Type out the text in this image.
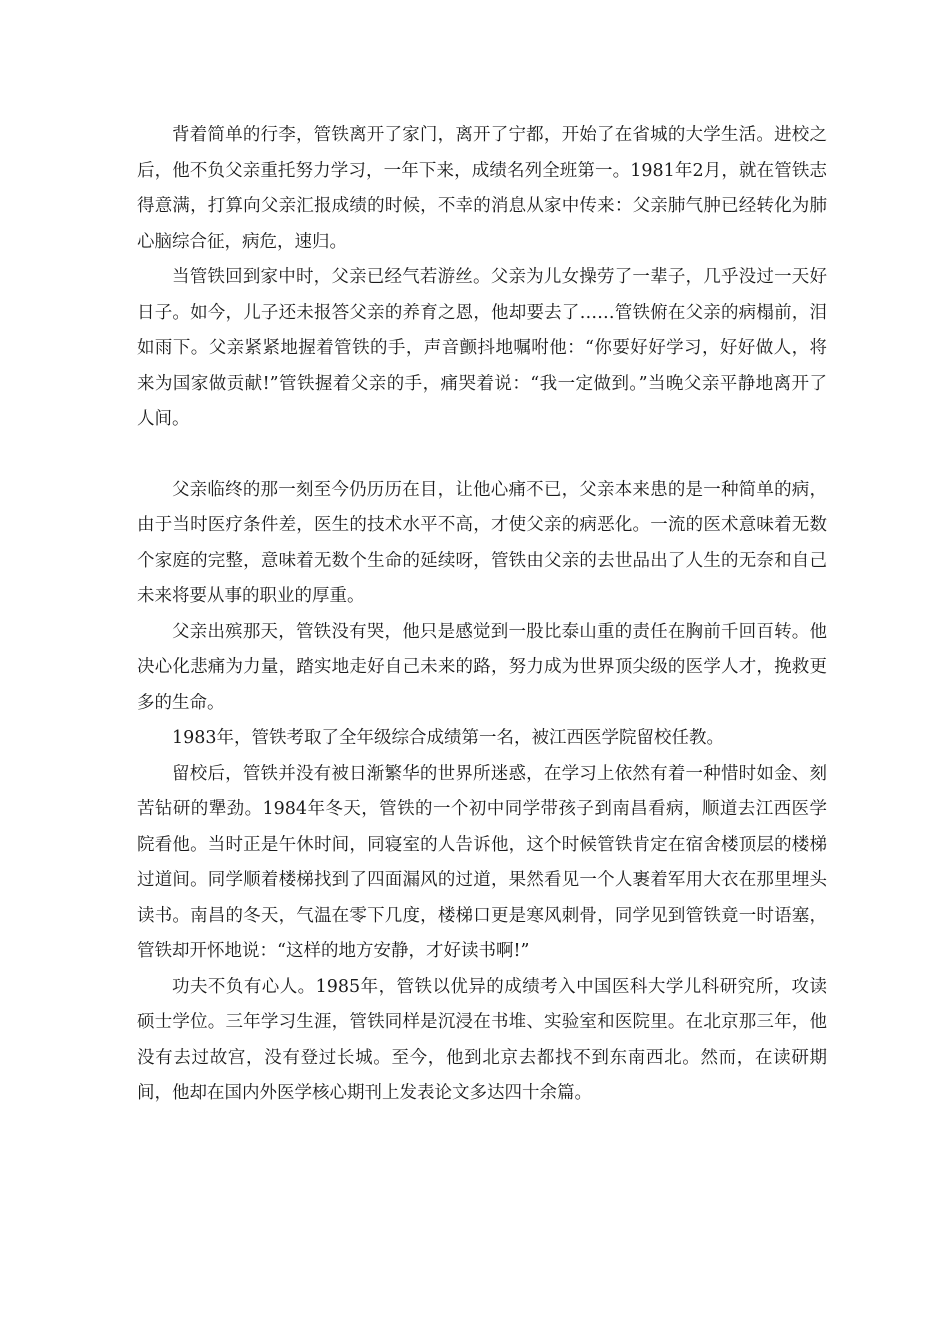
背着简单的行李，管铁离开了家门，离开了宁都，开始了在省城的大学生活。进校之后，他不负父亲重托努力学习，一年下来，成绩名列全班第一。1981年2月，就在管铁志得意满，打算向父亲汇报成绩的时候，不幸的消息从家中传来：父亲肺气肿已经转化为肺心脑综合征，病危，速归。

当管铁回到家中时，父亲已经气若游丝。父亲为儿女操劳了一辈子，几乎没过一天好日子。如今，儿子还未报答父亲的养育之恩，他却要去了……管铁俯在父亲的病榻前，泪如雨下。父亲紧紧地握着管铁的手，声音颤抖地嘱咐他：“你要好好学习，好好做人，将来为国家做贡献!”管铁握着父亲的手，痛哭着说：“我一定做到。”当晚父亲平静地离开了人间。

父亲临终的那一刻至今仍历历在目，让他心痛不已，父亲本来患的是一种简单的病，由于当时医疗条件差，医生的技术水平不高，才使父亲的病恶化。一流的医术意味着无数个家庭的完整，意味着无数个生命的延续呀，管铁由父亲的去世品出了人生的无奈和自己未来将要从事的职业的厚重。

父亲出殡那天，管铁没有哭，他只是感觉到一股比泰山重的责任在胸前千回百转。他决心化悲痛为力量，踏实地走好自己未来的路，努力成为世界顶尖级的医学人才，挽救更多的生命。

1983年，管铁考取了全年级综合成绩第一名，被江西医学院留校任教。

留校后，管铁并没有被日渐繁华的世界所迷惑，在学习上依然有着一种惜时如金、刻苦钻研的犟劲。1984年冬天，管铁的一个初中同学带孩子到南昌看病，顺道去江西医学院看他。当时正是午休时间，同寝室的人告诉他，这个时候管铁肯定在宿舍楼顶层的楼梯过道间。同学顺着楼梯找到了四面漏风的过道，果然看见一个人裹着军用大衣在那里埋头读书。南昌的冬天，气温在零下几度，楼梯口更是寒风刺骨，同学见到管铁竟一时语塞，管铁却开怀地说：“这样的地方安静，才好读书啊!”

功夫不负有心人。1985年，管铁以优异的成绩考入中国医科大学儿科研究所，攻读硕士学位。三年学习生涯，管铁同样是沉浸在书堆、实验室和医院里。在北京那三年，他没有去过故宫，没有登过长城。至今，他到北京去都找不到东南西北。然而，在读研期间，他却在国内外医学核心期刊上发表论文多达四十余篇。
